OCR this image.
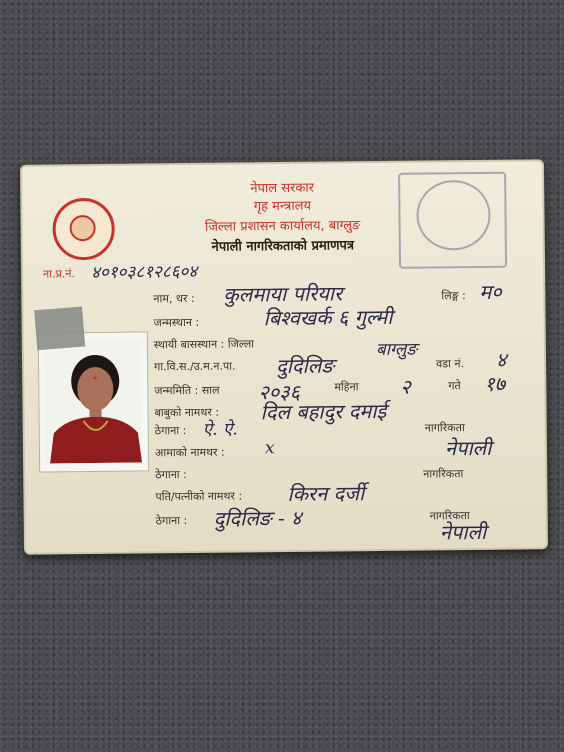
नेपाल सरकार
गृह मन्त्रालय
जिल्ला प्रशासन कार्यालय, बाग्लुङ
नेपाली नागरिकताको प्रमाणपत्र
ना.प्र.नं. ४०१०३८१२८६०४
नाम, थर : कुलमाया परियार	लिङ्ग : म०
जन्मस्थान :	बिश्वखर्क ६ गुल्मी
स्थायी बासस्थान : जिल्ला	बाग्लुङ
गा.वि.स./उ.म.न.पा. दुदिलिङ	वडा नं. ४
जन्ममिति : साल २०३६	महिना २	गते १७
बाबुको नामथर : दिल बहादुर दमाई
ठेगाना : ऐ. ऐ.	नागरिकता
नेपाली
आमाको नामथर : x
ठेगाना :	नागरिकता
पति/पत्नीको नामथर : किरन दर्जी
ठेगाना : दुदिलिङ - ४	नागरिकता
नेपाली
